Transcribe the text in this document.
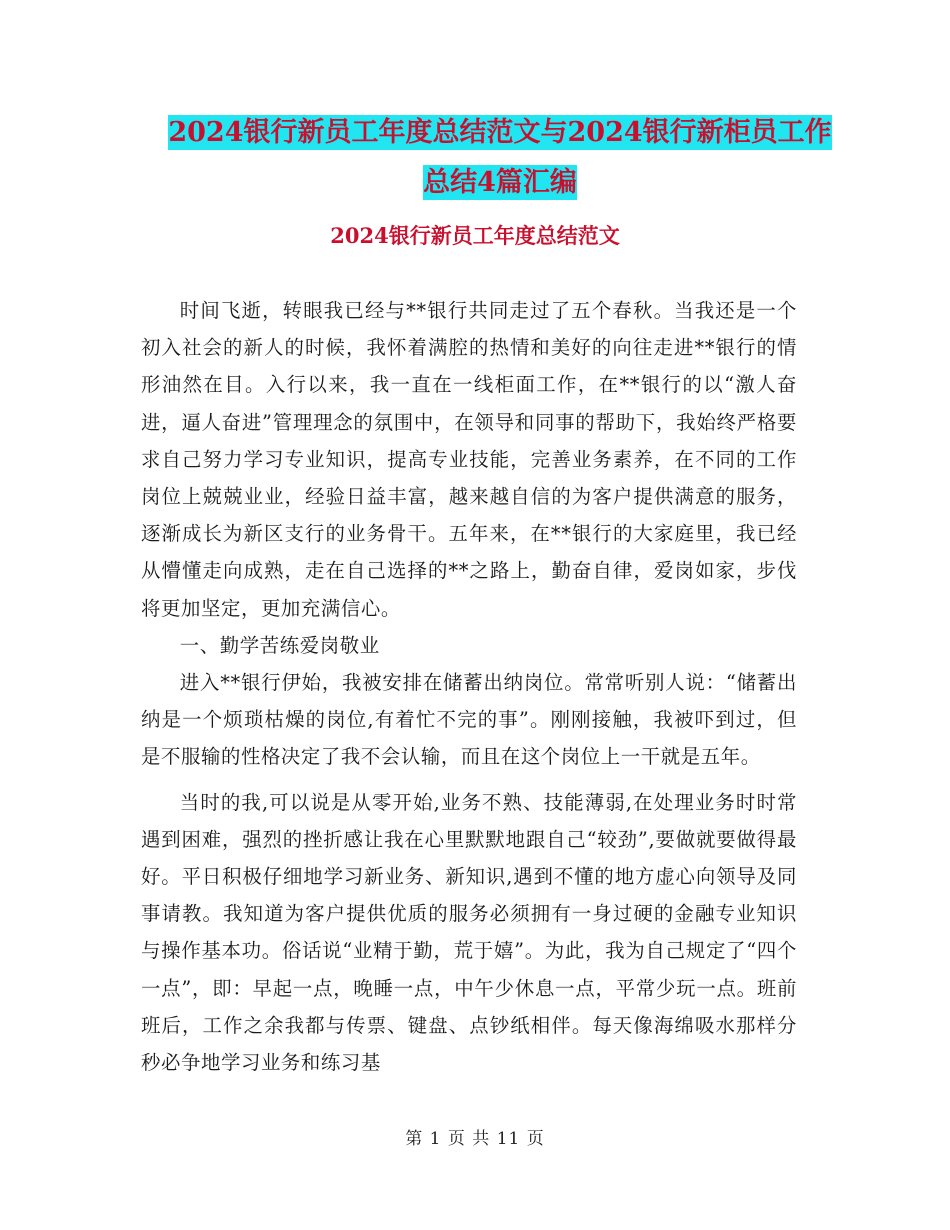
2024银行新员工年度总结范文与2024银行新柜员工作
总结4篇汇编
2024银行新员工年度总结范文

时间飞逝，转眼我已经与**银行共同走过了五个春秋。当我还是一个初入社会的新人的时候，我怀着满腔的热情和美好的向往走进**银行的情形油然在目。入行以来，我一直在一线柜面工作，在**银行的以“激人奋进，逼人奋进”管理理念的氛围中，在领导和同事的帮助下，我始终严格要求自己努力学习专业知识，提高专业技能，完善业务素养，在不同的工作岗位上兢兢业业，经验日益丰富，越来越自信的为客户提供满意的服务，逐渐成长为新区支行的业务骨干。五年来，在**银行的大家庭里，我已经从懵懂走向成熟，走在自己选择的**之路上，勤奋自律，爱岗如家，步伐将更加坚定，更加充满信心。

一、勤学苦练爱岗敬业

进入**银行伊始，我被安排在储蓄出纳岗位。常常听别人说：“储蓄出纳是一个烦琐枯燥的岗位,有着忙不完的事”。刚刚接触，我被吓到过，但是不服输的性格决定了我不会认输，而且在这个岗位上一干就是五年。

当时的我,可以说是从零开始,业务不熟、技能薄弱,在处理业务时时常遇到困难，强烈的挫折感让我在心里默默地跟自己“较劲”,要做就要做得最好。平日积极仔细地学习新业务、新知识,遇到不懂的地方虚心向领导及同事请教。我知道为客户提供优质的服务必须拥有一身过硬的金融专业知识与操作基本功。俗话说“业精于勤，荒于嬉”。为此，我为自己规定了“四个一点”，即：早起一点，晚睡一点，中午少休息一点，平常少玩一点。班前班后，工作之余我都与传票、键盘、点钞纸相伴。每天像海绵吸水那样分秒必争地学习业务和练习基

第 1 页 共 11 页
